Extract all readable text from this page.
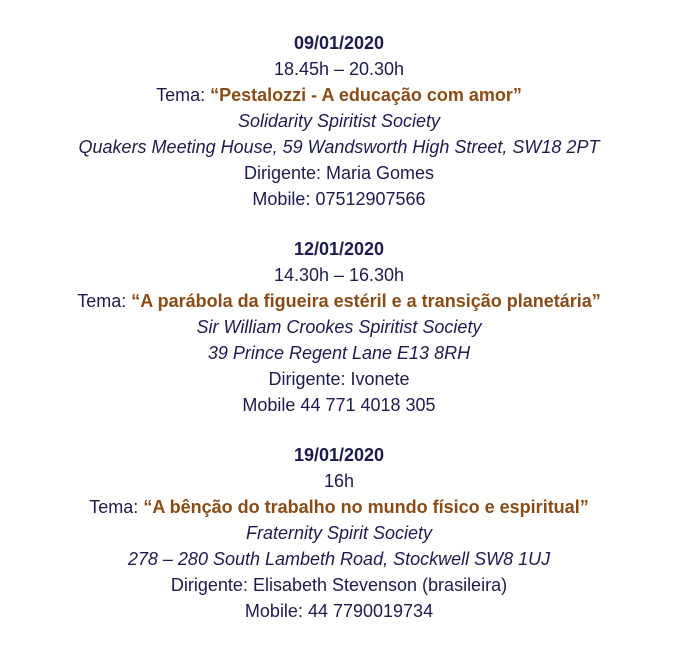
09/01/2020
18.45h – 20.30h
Tema: “Pestalozzi - A educação com amor”
Solidarity Spiritist Society
Quakers Meeting House, 59 Wandsworth High Street, SW18 2PT
Dirigente: Maria Gomes
Mobile: 07512907566
12/01/2020
14.30h – 16.30h
Tema: “A parábola da figueira estéril e a transição planetária”
Sir William Crookes Spiritist Society
39 Prince Regent Lane E13 8RH
Dirigente: Ivonete
Mobile 44 771 4018 305
19/01/2020
16h
Tema: “A bênção do trabalho no mundo físico e espiritual”
Fraternity Spirit Society
278 – 280 South Lambeth Road, Stockwell SW8 1UJ
Dirigente: Elisabeth Stevenson (brasileira)
Mobile: 44 7790019734
